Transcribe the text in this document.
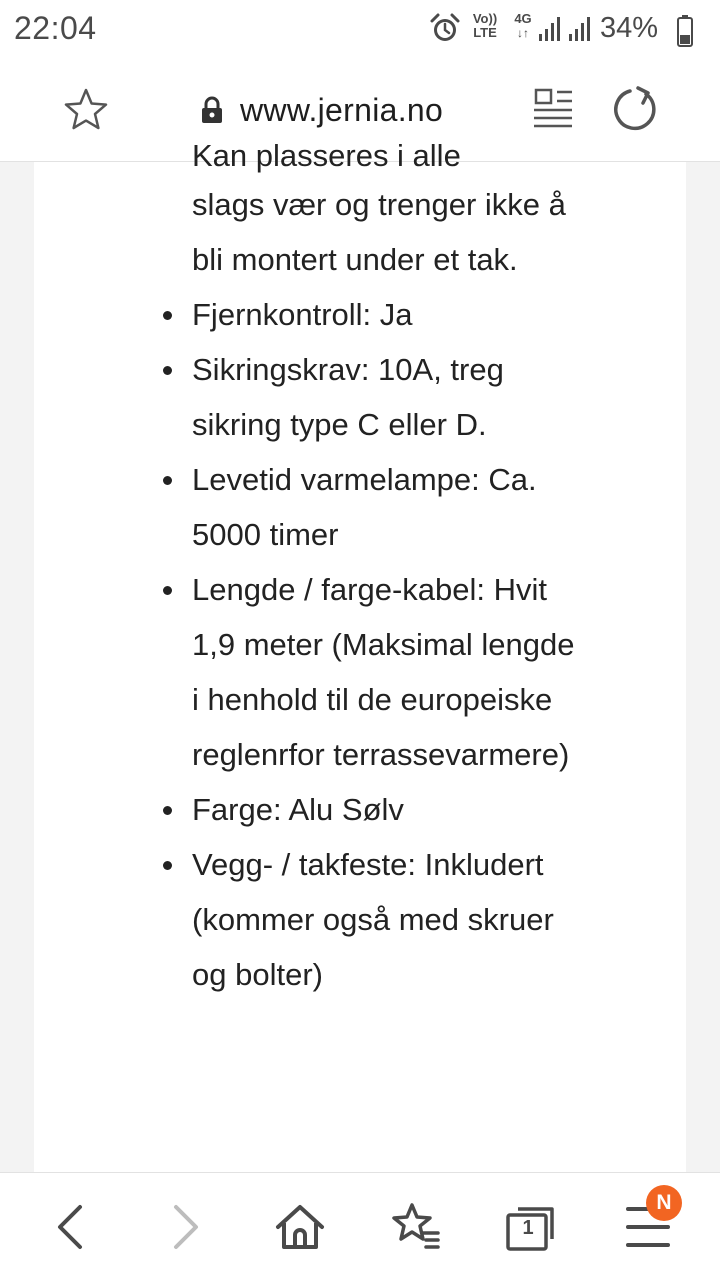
22:04	Vo))
LTE
4G
↓↑ 34%
www.jernia.no
Kan plasseres i alle
slags vær og trenger ikke å
bli montert under et tak.
Fjernkontroll: Ja
Sikringskrav: 10A, treg
sikring type C eller D.
Levetid varmelampe: Ca.
5000 timer
Lengde / farge-kabel: Hvit
1,9 meter (Maksimal lengde
i henhold til de europeiske
reglenrfor terrassevarmere)
Farge: Alu Sølv
Vegg- / takfeste: Inkludert
(kommer også med skruer
og bolter)
1
N
